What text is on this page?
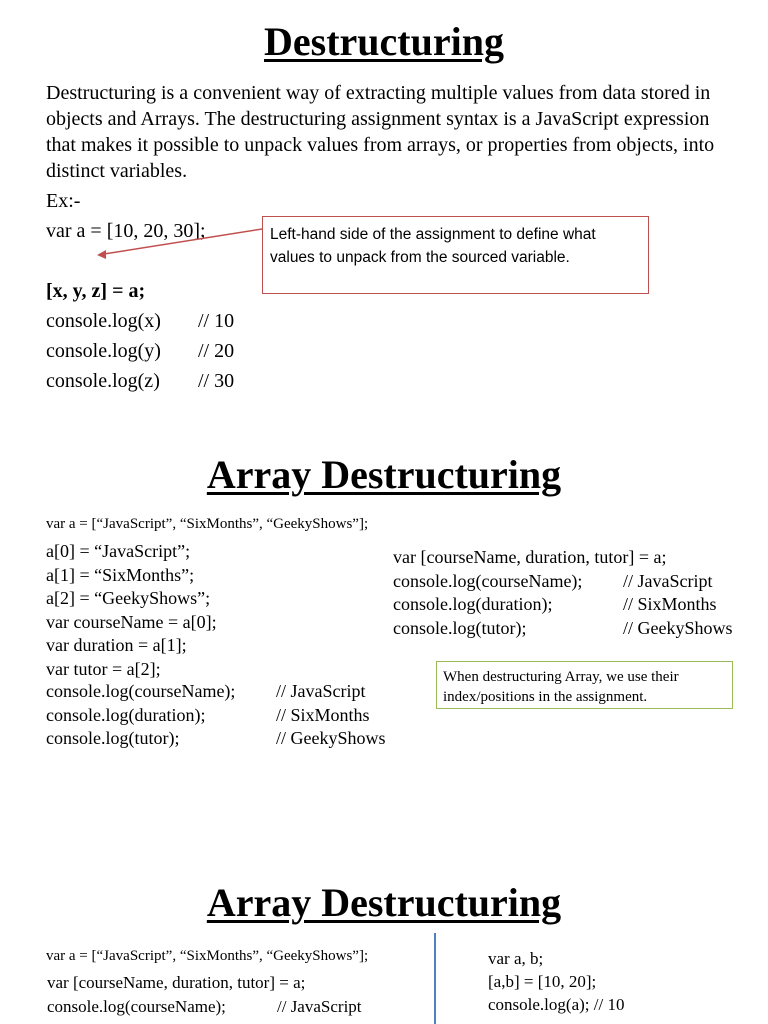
Destructuring
Destructuring is a convenient way of extracting multiple values from data stored in objects and Arrays. The destructuring assignment syntax is a JavaScript expression that makes it possible to unpack values from arrays, or properties from objects, into distinct variables.
Ex:-
var a = [10, 20, 30];	Left-hand side of the assignment to define what values to unpack from the sourced variable.
[x, y, z] = a;
console.log(x) // 10
console.log(y) // 20
console.log(z) // 30
Array Destructuring
var a = [“JavaScript”, “SixMonths”, “GeekyShows”];
a[0] = “JavaScript”;
a[1] = “SixMonths”;
a[2] = “GeekyShows”;
var courseName = a[0];
var duration = a[1];
var tutor = a[2];
console.log(courseName); // JavaScript
console.log(duration);	// SixMonths
console.log(tutor);	// GeekyShows
var [courseName, duration, tutor] = a;
console.log(courseName); // JavaScript
console.log(duration);	// SixMonths
console.log(tutor);	// GeekyShows
When destructuring Array, we use their index/positions in the assignment.
Array Destructuring
var a = [“JavaScript”, “SixMonths”, “GeekyShows”];
var [courseName, duration, tutor] = a;
console.log(courseName);	// JavaScript
var a, b;
[a,b] = [10, 20];
console.log(a); // 10
